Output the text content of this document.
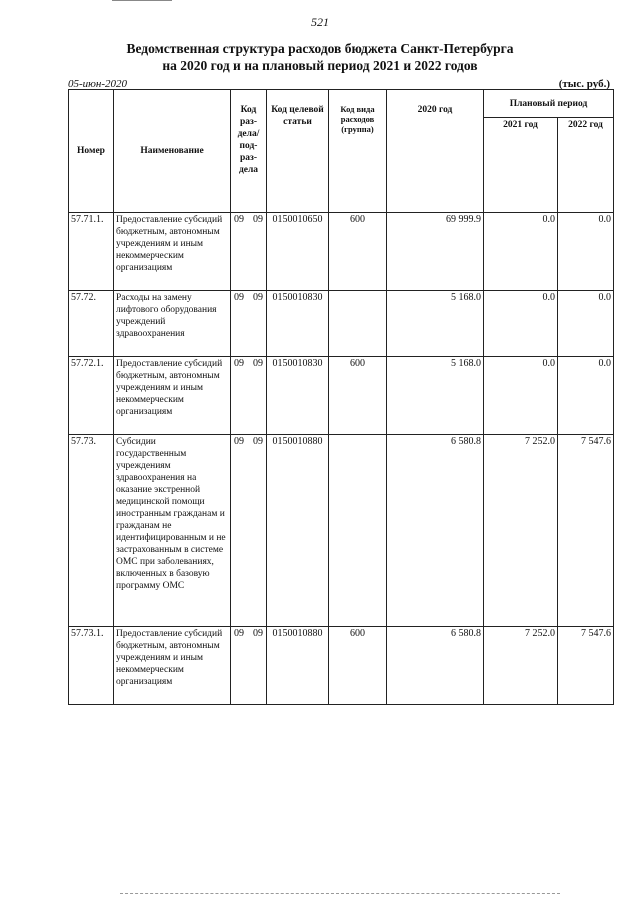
521
Ведомственная структура расходов бюджета Санкт-Петербурга
на 2020 год и на плановый период 2021 и 2022 годов
05-июн-2020	(тыс. руб.)
Номер	Наименование	Код раз-дела/ под-раз-дела	Код целевой статьи	Код вида расходов (группа)	2020 год	Плановый период	
						2021 год	2022 год
57.71.1.	Предоставление субсидий бюджетным, автономным учреждениям и иным некоммерческим организациям	09 09	0150010650	600	69 999.9	0.0	0.0
57.72.	Расходы на замену лифтового оборудования учреждений здравоохранения	09 09	0150010830		5 168.0	0.0	0.0
57.72.1.	Предоставление субсидий бюджетным, автономным учреждениям и иным некоммерческим организациям	09 09	0150010830	600	5 168.0	0.0	0.0
57.73.	Субсидии государственным учреждениям здравоохранения на оказание экстренной медицинской помощи иностранным гражданам и гражданам не идентифицированным и не застрахованным в системе ОМС при заболеваниях, включенных в базовую программу ОМС	09 09	0150010880		6 580.8	7 252.0	7 547.6
57.73.1.	Предоставление субсидий бюджетным, автономным учреждениям и иным некоммерческим организациям	09 09	0150010880	600	6 580.8	7 252.0	7 547.6
